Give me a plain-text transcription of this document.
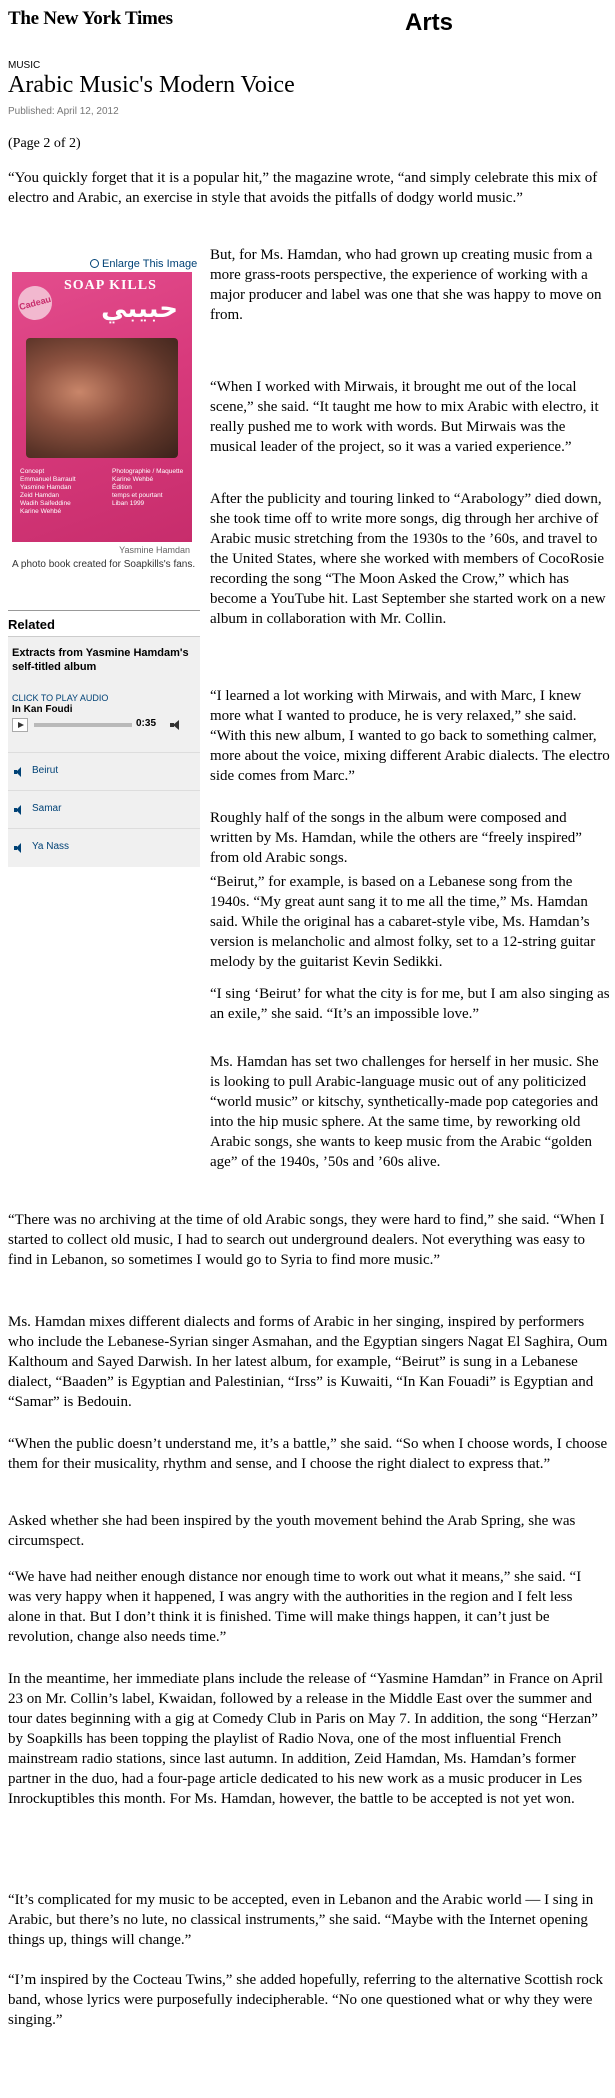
The New York Times	Arts
MUSIC
Arabic Music's Modern Voice
Published: April 12, 2012
(Page 2 of 2)

“You quickly forget that it is a popular hit,” the magazine wrote, “and simply celebrate this mix of electro and Arabic, an exercise in style that avoids the pitfalls of dodgy world music.”

Enlarge This Image
Cadeau
SOAP KILLS
حبيبي
Concept
Emmanuel Barrault
Yasmine Hamdan
Zeid Hamdan
Wadih Saifeddine
Karine Wehbé
Photographie / Maquette
Karine Wehbé
Édition
temps et pourtant
Liban 1999
Yasmine Hamdan
A photo book created for Soapkills's fans.
Related
Extracts from Yasmine Hamdam's self-titled album
CLICK TO PLAY AUDIO
In Kan Foudi
0:35
Beirut
Samar
Ya Nass

But, for Ms. Hamdan, who had grown up creating music from a more grass-roots perspective, the experience of working with a major producer and label was one that she was happy to move on from.

“When I worked with Mirwais, it brought me out of the local scene,” she said. “It taught me how to mix Arabic with electro, it really pushed me to work with words. But Mirwais was the musical leader of the project, so it was a varied experience.”

After the publicity and touring linked to “Arabology” died down, she took time off to write more songs, dig through her archive of Arabic music stretching from the 1930s to the ’60s, and travel to the United States, where she worked with members of CocoRosie recording the song “The Moon Asked the Crow,” which has become a YouTube hit. Last September she started work on a new album in collaboration with Mr. Collin.

“I learned a lot working with Mirwais, and with Marc, I knew more what I wanted to produce, he is very relaxed,” she said. “With this new album, I wanted to go back to something calmer, more about the voice, mixing different Arabic dialects. The electro side comes from Marc.”

Roughly half of the songs in the album were composed and written by Ms. Hamdan, while the others are “freely inspired” from old Arabic songs.

“Beirut,” for example, is based on a Lebanese song from the 1940s. “My great aunt sang it to me all the time,” Ms. Hamdan said. While the original has a cabaret-style vibe, Ms. Hamdan’s version is melancholic and almost folky, set to a 12-string guitar melody by the guitarist Kevin Sedikki.

“I sing ‘Beirut’ for what the city is for me, but I am also singing as an exile,” she said. “It’s an impossible love.”

Ms. Hamdan has set two challenges for herself in her music. She is looking to pull Arabic-language music out of any politicized “world music” or kitschy, synthetically-made pop categories and into the hip music sphere. At the same time, by reworking old Arabic songs, she wants to keep music from the Arabic “golden age” of the 1940s, ’50s and ’60s alive.

“There was no archiving at the time of old Arabic songs, they were hard to find,” she said. “When I started to collect old music, I had to search out underground dealers. Not everything was easy to find in Lebanon, so sometimes I would go to Syria to find more music.”

Ms. Hamdan mixes different dialects and forms of Arabic in her singing, inspired by performers who include the Lebanese-Syrian singer Asmahan, and the Egyptian singers Nagat El Saghira, Oum Kalthoum and Sayed Darwish. In her latest album, for example, “Beirut” is sung in a Lebanese dialect, “Baaden” is Egyptian and Palestinian, “Irss” is Kuwaiti, “In Kan Fouadi” is Egyptian and “Samar” is Bedouin.

“When the public doesn’t understand me, it’s a battle,” she said. “So when I choose words, I choose them for their musicality, rhythm and sense, and I choose the right dialect to express that.”

Asked whether she had been inspired by the youth movement behind the Arab Spring, she was circumspect.

“We have had neither enough distance nor enough time to work out what it means,” she said. “I was very happy when it happened, I was angry with the authorities in the region and I felt less alone in that. But I don’t think it is finished. Time will make things happen, it can’t just be revolution, change also needs time.”

In the meantime, her immediate plans include the release of “Yasmine Hamdan” in France on April 23 on Mr. Collin’s label, Kwaidan, followed by a release in the Middle East over the summer and tour dates beginning with a gig at Comedy Club in Paris on May 7. In addition, the song “Herzan” by Soapkills has been topping the playlist of Radio Nova, one of the most influential French mainstream radio stations, since last autumn. In addition, Zeid Hamdan, Ms. Hamdan’s former partner in the duo, had a four-page article dedicated to his new work as a music producer in Les Inrockuptibles this month. For Ms. Hamdan, however, the battle to be accepted is not yet won.

“It’s complicated for my music to be accepted, even in Lebanon and the Arabic world — I sing in Arabic, but there’s no lute, no classical instruments,” she said. “Maybe with the Internet opening things up, things will change.”

“I’m inspired by the Cocteau Twins,” she added hopefully, referring to the alternative Scottish rock band, whose lyrics were purposefully indecipherable. “No one questioned what or why they were singing.”
